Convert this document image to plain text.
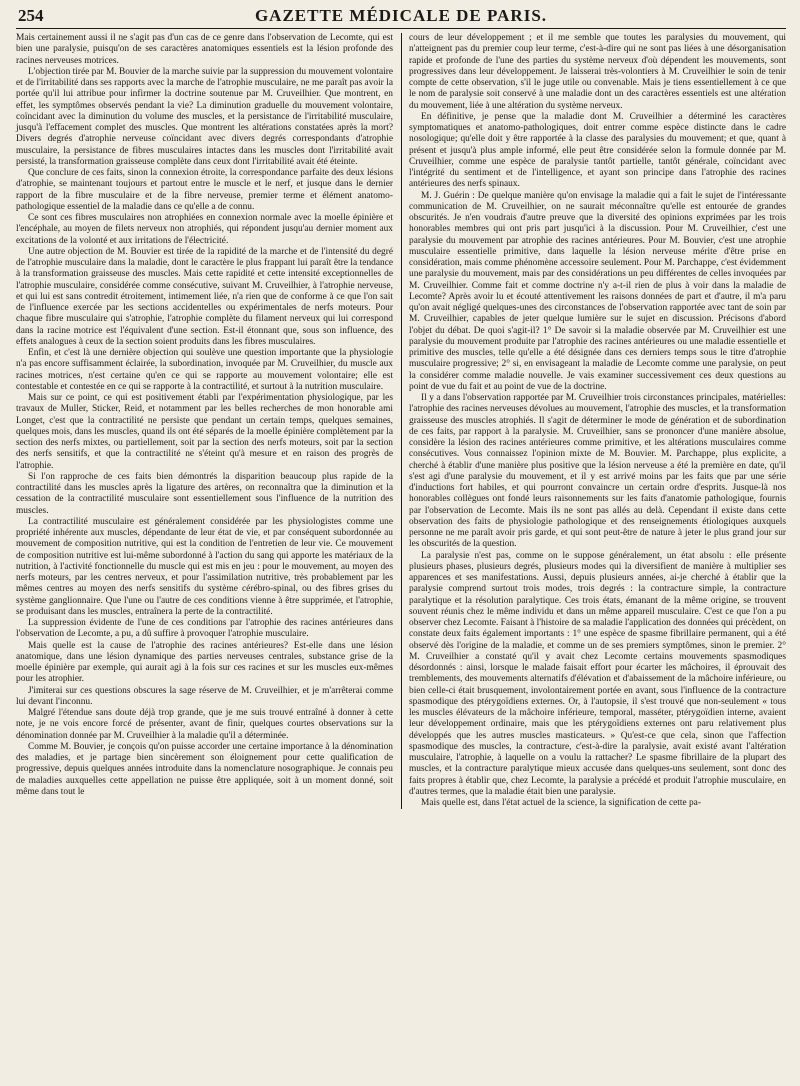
254	GAZETTE MÉDICALE DE PARIS.

Mais certainement aussi il ne s'agit pas d'un cas de ce genre dans l'observation de Lecomte, qui est bien une paralysie, puisqu'on de ses caractères anatomiques essentiels est la lésion profonde des racines nerveuses motrices.

L'objection tirée par M. Bouvier de la marche suivie par la suppression du mouvement volontaire et de l'irritabilité dans ses rapports avec la marche de l'atrophie musculaire, ne me paraît pas avoir la portée qu'il lui attribue pour infirmer la doctrine soutenue par M. Cruveilhier. Que montrent, en effet, les symptômes observés pendant la vie? La diminution graduelle du mouvement volontaire, coïncidant avec la diminution du volume des muscles, et la persistance de l'irritabilité musculaire, jusqu'à l'effacement complet des muscles. Que montrent les altérations constatées après la mort? Divers degrés d'atrophie nerveuse coïncidant avec divers degrés correspondants d'atrophie musculaire, la persistance de fibres musculaires intactes dans les muscles dont l'irritabilité avait persisté, la transformation graisseuse complète dans ceux dont l'irritabilité avait été éteinte.

Que conclure de ces faits, sinon la connexion étroite, la correspondance parfaite des deux lésions d'atrophie, se maintenant toujours et partout entre le muscle et le nerf, et jusque dans le dernier rapport de la fibre musculaire et de la fibre nerveuse, premier terme et élément anatomo-pathologique essentiel de la maladie dans ce qu'elle a de connu.

Ce sont ces fibres musculaires non atrophiées en connexion normale avec la moelle épinière et l'encéphale, au moyen de filets nerveux non atrophiés, qui répondent jusqu'au dernier moment aux excitations de la volonté et aux irritations de l'électricité.

Une autre objection de M. Bouvier est tirée de la rapidité de la marche et de l'intensité du degré de l'atrophie musculaire dans la maladie, dont le caractère le plus frappant lui paraît être la tendance à la transformation graisseuse des muscles. Mais cette rapidité et cette intensité exceptionnelles de l'atrophie musculaire, considérée comme consécutive, suivant M. Cruveilhier, à l'atrophie nerveuse, et qui lui est sans contredit étroitement, intimement liée, n'a rien que de conforme à ce que l'on sait de l'influence exercée par les sections accidentelles ou expérimentales de nerfs moteurs. Pour chaque fibre musculaire qui s'atrophie, l'atrophie complète du filament nerveux qui lui correspond dans la racine motrice est l'équivalent d'une section. Est-il étonnant que, sous son influence, des effets analogues à ceux de la section soient produits dans les fibres musculaires.

Enfin, et c'est là une dernière objection qui soulève une question importante que la physiologie n'a pas encore suffisamment éclairée, la subordination, invoquée par M. Cruveilhier, du muscle aux racines motrices, n'est certaine qu'en ce qui se rapporte au mouvement volontaire; elle est contestable et contestée en ce qui se rapporte à la contractilité, et surtout à la nutrition musculaire.

Mais sur ce point, ce qui est positivement établi par l'expérimentation physiologique, par les travaux de Muller, Sticker, Reid, et notamment par les belles recherches de mon honorable ami Longet, c'est que la contractilité ne persiste que pendant un certain temps, quelques semaines, quelques mois, dans les muscles, quand ils ont été séparés de la moelle épinière complètement par la section des nerfs mixtes, ou partiellement, soit par la section des nerfs moteurs, soit par la section des nerfs sensitifs, et que la contractilité ne s'éteint qu'à mesure et en raison des progrès de l'atrophie.

Si l'on rapproche de ces faits bien démontrés la disparition beaucoup plus rapide de la contractilité dans les muscles après la ligature des artères, on reconnaîtra que la diminution et la cessation de la contractilité musculaire sont essentiellement sous l'influence de la nutrition des muscles.

La contractilité musculaire est généralement considérée par les physiologistes comme une propriété inhérente aux muscles, dépendante de leur état de vie, et par conséquent subordonnée au mouvement de composition nutritive, qui est la condition de l'entretien de leur vie. Ce mouvement de composition nutritive est lui-même subordonné à l'action du sang qui apporte les matériaux de la nutrition, à l'activité fonctionnelle du muscle qui est mis en jeu : pour le mouvement, au moyen des nerfs moteurs, par les centres nerveux, et pour l'assimilation nutritive, très probablement par les mêmes centres au moyen des nerfs sensitifs du système cérébro-spinal, ou des fibres grises du système ganglionnaire. Que l'une ou l'autre de ces conditions vienne à être supprimée, et l'atrophie, se produisant dans les muscles, entraînera la perte de la contractilité.

La suppression évidente de l'une de ces conditions par l'atrophie des racines antérieures dans l'observation de Lecomte, a pu, a dû suffire à provoquer l'atrophie musculaire.

Mais quelle est la cause de l'atrophie des racines antérieures? Est-elle dans une lésion anatomique, dans une lésion dynamique des parties nerveuses centrales, substance grise de la moelle épinière par exemple, qui aurait agi à la fois sur ces racines et sur les muscles eux-mêmes pour les atrophier.

J'imiterai sur ces questions obscures la sage réserve de M. Cruveilhier, et je m'arrêterai comme lui devant l'inconnu.

Malgré l'étendue sans doute déjà trop grande, que je me suis trouvé entraîné à donner à cette note, je ne vois encore forcé de présenter, avant de finir, quelques courtes observations sur la dénomination donnée par M. Cruveilhier à la maladie qu'il a déterminée.

Comme M. Bouvier, je conçois qu'on puisse accorder une certaine importance à la dénomination des maladies, et je partage bien sincèrement son éloignement pour cette qualification de progressive, depuis quelques années introduite dans la nomenclature nosographique. Je connais peu de maladies auxquelles cette appellation ne puisse être appliquée, soit à un moment donné, soit même dans tout le

cours de leur développement ; et il me semble que toutes les paralysies du mouvement, qui n'atteignent pas du premier coup leur terme, c'est-à-dire qui ne sont pas liées à une désorganisation rapide et profonde de l'une des parties du système nerveux d'où dépendent les mouvements, sont progressives dans leur développement. Je laisserai très-volontiers à M. Cruveilhier le soin de tenir compte de cette observation, s'il le juge utile ou convenable. Mais je tiens essentiellement à ce que le nom de paralysie soit conservé à une maladie dont un des caractères essentiels est une altération du mouvement, liée à une altération du système nerveux.

En définitive, je pense que la maladie dont M. Cruveilhier a déterminé les caractères symptomatiques et anatomo-pathologiques, doit entrer comme espèce distincte dans le cadre nosologique; qu'elle doit y être rapportée à la classe des paralysies du mouvement; et que, quant à présent et jusqu'à plus ample informé, elle peut être considérée selon la formule donnée par M. Cruveilhier, comme une espèce de paralysie tantôt partielle, tantôt générale, coïncidant avec l'intégrité du sentiment et de l'intelligence, et ayant son principe dans l'atrophie des racines antérieures des nerfs spinaux.

M. J. Guérin : De quelque manière qu'on envisage la maladie qui a fait le sujet de l'intéressante communication de M. Cruveilhier, on ne saurait méconnaître qu'elle est entourée de grandes obscurités. Je n'en voudrais d'autre preuve que la diversité des opinions exprimées par les trois honorables membres qui ont pris part jusqu'ici à la discussion. Pour M. Cruveilhier, c'est une paralysie du mouvement par atrophie des racines antérieures. Pour M. Bouvier, c'est une atrophie musculaire essentielle primitive, dans laquelle la lésion nerveuse mérite d'être prise en considération, mais comme phénomène accessoire seulement. Pour M. Parchappe, c'est évidemment une paralysie du mouvement, mais par des considérations un peu différentes de celles invoquées par M. Cruveilhier. Comme fait et comme doctrine n'y a-t-il rien de plus à voir dans la maladie de Lecomte? Après avoir lu et écouté attentivement les raisons données de part et d'autre, il m'a paru qu'on avait négligé quelques-unes des circonstances de l'observation rapportée avec tant de soin par M. Cruveilhier, capables de jeter quelque lumière sur le sujet en discussion. Précisons d'abord l'objet du débat. De quoi s'agit-il? 1° De savoir si la maladie observée par M. Cruveilhier est une paralysie du mouvement produite par l'atrophie des racines antérieures ou une maladie essentielle et primitive des muscles, telle qu'elle a été désignée dans ces derniers temps sous le titre d'atrophie musculaire progressive; 2° si, en envisageant la maladie de Lecomte comme une paralysie, on peut la considérer comme maladie nouvelle. Je vais examiner successivement ces deux questions au point de vue du fait et au point de vue de la doctrine.

Il y a dans l'observation rapportée par M. Cruveilhier trois circonstances principales, matérielles: l'atrophie des racines nerveuses dévolues au mouvement, l'atrophie des muscles, et la transformation graisseuse des muscles atrophiés. Il s'agit de déterminer le mode de génération et de subordination de ces faits, par rapport à la paralysie. M. Cruveilhier, sans se prononcer d'une manière absolue, considère la lésion des racines antérieures comme primitive, et les altérations musculaires comme consécutives. Vous connaissez l'opinion mixte de M. Bouvier. M. Parchappe, plus explicite, a cherché à établir d'une manière plus positive que la lésion nerveuse a été la première en date, qu'il s'est agi d'une paralysie du mouvement, et il y est arrivé moins par les faits que par une série d'inductions fort habiles, et qui pourront convaincre un certain ordre d'esprits. Jusque-là nos honorables collègues ont fondé leurs raisonnements sur les faits d'anatomie pathologique, fournis par l'observation de Lecomte. Mais ils ne sont pas allés au delà. Cependant il existe dans cette observation des faits de physiologie pathologique et des renseignements étiologiques auxquels personne ne me paraît avoir pris garde, et qui sont peut-être de nature à jeter le plus grand jour sur les obscurités de la question.

La paralysie n'est pas, comme on le suppose généralement, un état absolu : elle présente plusieurs phases, plusieurs degrés, plusieurs modes qui la diversifient de manière à multiplier ses apparences et ses manifestations. Aussi, depuis plusieurs années, ai-je cherché à établir que la paralysie comprend surtout trois modes, trois degrés : la contracture simple, la contracture paralytique et la résolution paralytique. Ces trois états, émanant de la même origine, se trouvent souvent réunis chez le même individu et dans un même appareil musculaire. C'est ce que l'on a pu observer chez Lecomte. Faisant à l'histoire de sa maladie l'application des données qui précèdent, on constate deux faits également importants : 1° une espèce de spasme fibrillaire permanent, qui a été observé dès l'origine de la maladie, et comme un de ses premiers symptômes, sinon le premier. 2° M. Cruveilhier a constaté qu'il y avait chez Lecomte certains mouvements spasmodiques désordonnés : ainsi, lorsque le malade faisait effort pour écarter les mâchoires, il éprouvait des tremblements, des mouvements alternatifs d'élévation et d'abaissement de la mâchoire inférieure, ou bien celle-ci était brusquement, involontairement portée en avant, sous l'influence de la contracture spasmodique des ptérygoïdiens externes. Or, à l'autopsie, il s'est trouvé que non-seulement « tous les muscles élévateurs de la mâchoire inférieure, temporal, masséter, ptérygoïdien interne, avaient leur développement ordinaire, mais que les ptérygoïdiens externes ont paru relativement plus développés que les autres muscles masticateurs. » Qu'est-ce que cela, sinon que l'affection spasmodique des muscles, la contracture, c'est-à-dire la paralysie, avait existé avant l'altération musculaire, l'atrophie, à laquelle on a voulu la rattacher? Le spasme fibrillaire de la plupart des muscles, et la contracture paralytique mieux accusée dans quelques-uns seulement, sont donc des faits propres à établir que, chez Lecomte, la paralysie a précédé et produit l'atrophie musculaire, en d'autres termes, que la maladie était bien une paralysie.

Mais quelle est, dans l'état actuel de la science, la signification de cette pa-
